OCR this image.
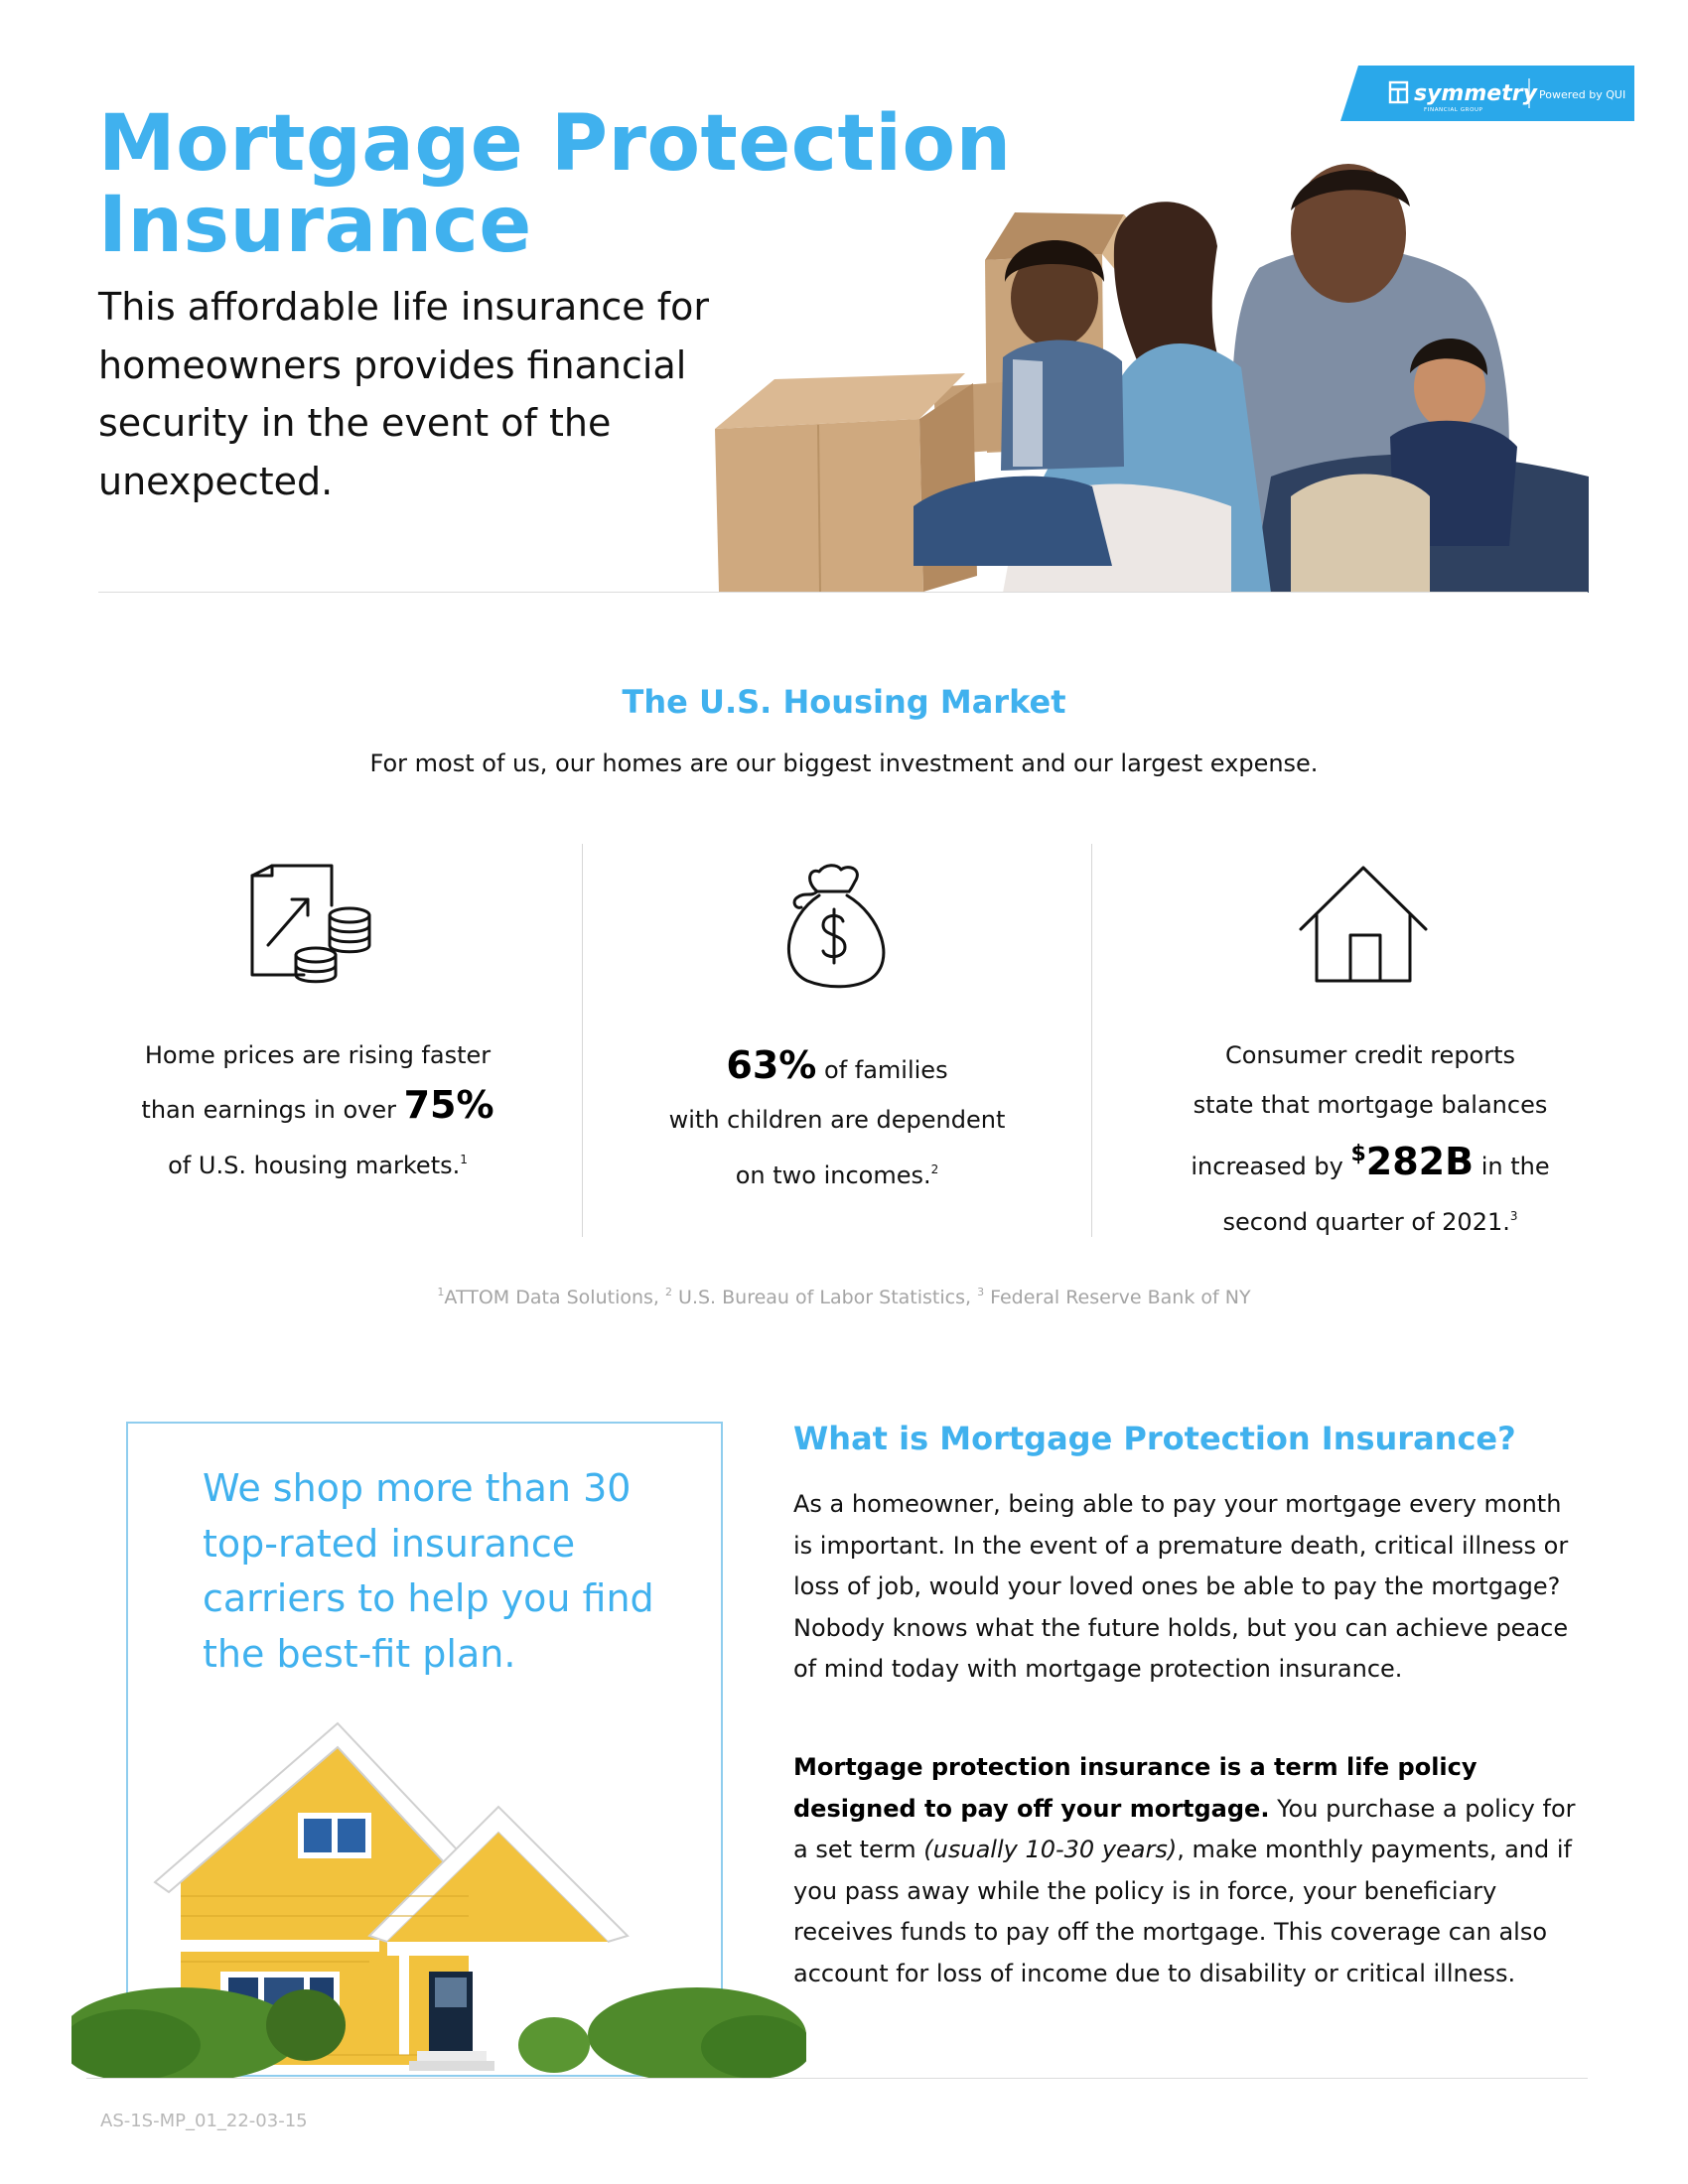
symmetry
FINANCIAL GROUP
Powered by QUI
Mortgage Protection
Insurance

This affordable life insurance for homeowners provides financial security in the event of the unexpected.

The U.S. Housing Market

For most of us, our homes are our biggest investment and our largest expense.

Home prices are rising faster
than earnings in over 75%
of U.S. housing markets.$^1$
63% of families
with children are dependent
on two incomes.$^2$
Consumer credit reports
state that mortgage balances
increased by $282B in the
second quarter of 2021.$^3$

$^1$ATTOM Data Solutions, $^2$ U.S. Bureau of Labor Statistics, $^3$ Federal Reserve Bank of NY

We shop more than 30 top-rated insurance carriers to help you find the best-fit plan.

What is Mortgage Protection Insurance?

As a homeowner, being able to pay your mortgage every month is important. In the event of a premature death, critical illness or loss of job, would your loved ones be able to pay the mortgage? Nobody knows what the future holds, but you can achieve peace of mind today with mortgage protection insurance.

Mortgage protection insurance is a term life policy designed to pay off your mortgage. You purchase a policy for a set term (usually 10-30 years), make monthly payments, and if you pass away while the policy is in force, your beneficiary receives funds to pay off the mortgage. This coverage can also account for loss of income due to disability or critical illness.

AS-1S-MP_01_22-03-15
